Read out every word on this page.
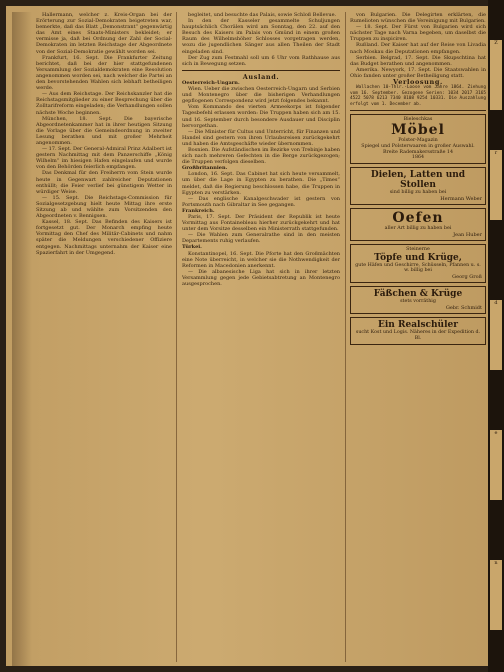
Hallermann, welcher z. Kreis-Organ bei der Erörterung zur Sozial-Demokraten beigetreten war, bemerkte, daß das Blatt „Demonstrant“ gegenwärtig das Amt eines Staats-Ministers bekleidet; er vermisse ja, daß bei Ordnung der Zahl der Social-Demokraten im letzten Reichstage der Abgeordnete von der Sozial-Demokratie gewählt worden sei.

Frankfurt, 16. Sept. Die Frankfurter Zeitung berichtet, daß bei der hier stattgefundenen Versammlung der Sozialdemokraten eine Resolution angenommen worden sei, nach welcher die Partei an den bevorstehenden Wahlen sich lebhaft betheiligen werde.

— Aus dem Reichstage. Der Reichskanzler hat die Reichstagsmitglieder zu einer Besprechung über die Zolltarifreform eingeladen; die Verhandlungen sollen nächste Woche beginnen.

München, 18. Sept. Die bayerische Abgeordnetenkammer hat in ihrer heutigen Sitzung die Vorlage über die Gemeindeordnung in zweiter Lesung berathen und mit großer Mehrheit angenommen.

— 17. Sept. Der General-Admiral Prinz Adalbert ist gestern Nachmittag mit dem Panzerschiffe „König Wilhelm“ im hiesigen Hafen eingelaufen und wurde von den Behörden feierlich empfangen.

Das Denkmal für den Freiherrn vom Stein wurde heute in Gegenwart zahlreicher Deputationen enthüllt; die Feier verlief bei günstigem Wetter in würdiger Weise.

— 15. Sept. Die Reichstags-Commission für Sozialgesetzgebung hielt heute Mittag ihre erste Sitzung ab und wählte zum Vorsitzenden den Abgeordneten v. Bennigsen.

Kassel, 18. Sept. Das Befinden des Kaisers ist fortgesetzt gut. Der Monarch empfing heute Vormittag den Chef des Militär-Cabinets und nahm später die Meldungen verschiedener Offiziere entgegen. Nachmittags unternahm der Kaiser eine Spazierfahrt in der Umgegend.

begleitet, und besuchte das Palais, sowie Schloß Bellevue.

In den der Kasseler gesammelte Schuljungen hauptsächlich Chorälen wird am Sonntag, den 22. auf den Besuch des Kaisers im Palais von Gmünd in einem großen Raum des Wilhelmshöher Schlosses vorgetragen werden, wozu die jugendlichen Sänger aus allen Theilen der Stadt eingeladen sind.

Der Zug zum Festmahl soll um 6 Uhr vom Rathhause aus sich in Bewegung setzen.

Ausland.

Oesterreich-Ungarn.

Wien. Ueber die zwischen Oesterreich-Ungarn und Serbien und Montenegro über die bisherigen Verhandlungen gepflogenen Correspondenz wird jetzt folgendes bekannt.

Vom Kommando des vierten Armeekorps ist folgender Tagesbefehl erlassen worden: Die Truppen haben sich am 15. und 16. September durch besondere Ausdauer und Disciplin hervorgethan.

— Die Minister für Cultus und Unterricht, für Finanzen und Handel sind gestern von ihren Urlaubsreisen zurückgekehrt und haben die Amtsgeschäfte wieder übernommen.

Bosnien. Die Aufständischen im Bezirke von Trebinje haben sich nach mehreren Gefechten in die Berge zurückgezogen; die Truppen verfolgen dieselben.

Großbritannien.

London, 16. Sept. Das Cabinet hat sich heute versammelt, um über die Lage in Egypten zu berathen. Die „Times“ meldet, daß die Regierung beschlossen habe, die Truppen in Egypten zu verstärken.

— Das englische Kanalgeschwader ist gestern von Portsmouth nach Gibraltar in See gegangen.

Frankreich.

Paris, 17. Sept. Der Präsident der Republik ist heute Vormittag aus Fontainebleau hierher zurückgekehrt und hat unter dem Vorsitze desselben ein Ministerrath stattgefunden.

— Die Wahlen zum Generalrathe sind in den meisten Departements ruhig verlaufen.

Türkei.

Konstantinopel, 16. Sept. Die Pforte hat den Großmächten eine Note überreicht, in welcher sie die Nothwendigkeit der Reformen in Macedonien anerkennt.

— Die albanesische Liga hat sich in ihrer letzten Versammlung gegen jede Gebietsabtretung an Montenegro ausgesprochen.

von Bulgarien. Die Delegirten erklärten, die Rumelioten wünschen die Vereinigung mit Bulgarien.

— 18. Sept. Der Fürst von Bulgarien wird sich nächster Tage nach Varna begeben, um daselbst die Truppen zu inspiciren.

Rußland. Der Kaiser hat auf der Reise von Livadia nach Moskau die Deputationen empfangen.

Serbien. Belgrad, 17. Sept. Die Skupschtina hat das Budget berathen und angenommen.

Amerika. Newyork, 17. Sept. Die Staatswahlen in Ohio fanden unter großer Betheiligung statt.

Verloosung.

Wallachen 10-Thlr.-Loose vom Jahre 1864. Ziehung vom 16. September. Gezogene Serien: 1034 2017 3165 4522 5078 6213 7340 8108 9254 10331. Die Auszahlung erfolgt vom 1. December ab.

Bieleschkas
Möbel
Polster-Magazin
Spiegel und Polsterwaaren in großer Auswahl.
Breite Rademakersstraße 14
1864
Dielen, Latten und Stollen
sind billig zu haben bei
Hermann Weber
Oefen
aller Art billig zu haben bei
Jean Huber
Steinerne
Töpfe und Krüge,
gute Häfen und Geschirre, Schüsseln, Pfannen u. s. w. billig bei
Georg Groß
Fäßchen & Krüge
stets vorräthig
Gebr. Schmidt
Ein Realschüler
sucht Kost und Logis. Näheres in der Expedition d. Bl.
Z
r
d
e
n
